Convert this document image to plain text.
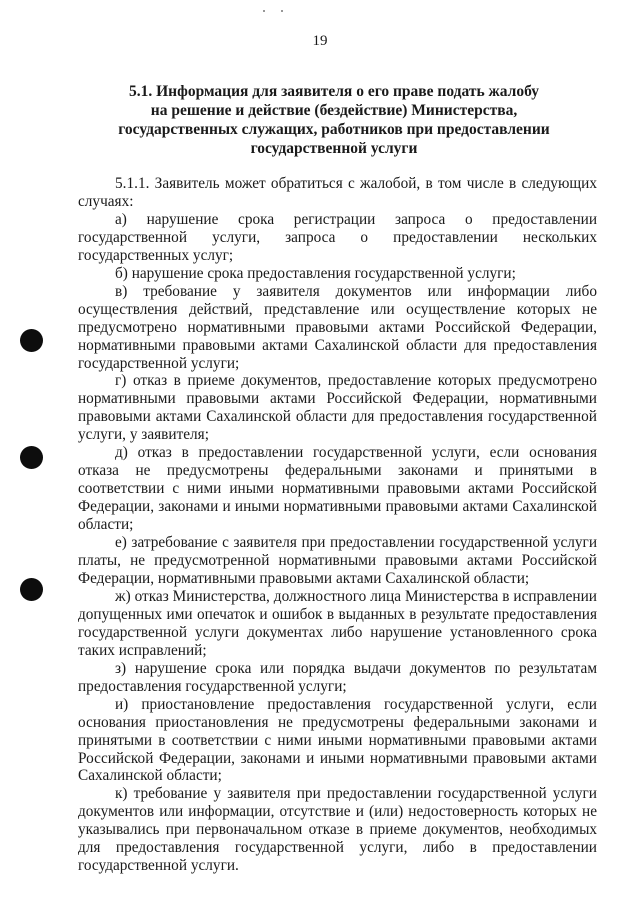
19
5.1. Информация для заявителя о его праве подать жалобу
на решение и действие (бездействие) Министерства,
государственных служащих, работников при предоставлении
государственной услуги

5.1.1. Заявитель может обратиться с жалобой, в том числе в следующих случаях:

а) нарушение срока регистрации запроса о предоставлении государственной услуги, запроса о предоставлении нескольких государственных услуг;

б) нарушение срока предоставления государственной услуги;

в) требование у заявителя документов или информации либо осуществления действий, представление или осуществление которых не предусмотрено нормативными правовыми актами Российской Федерации, нормативными правовыми актами Сахалинской области для предоставления государственной услуги;

г) отказ в приеме документов, предоставление которых предусмотрено нормативными правовыми актами Российской Федерации, нормативными правовыми актами Сахалинской области для предоставления государственной услуги, у заявителя;

д) отказ в предоставлении государственной услуги, если основания отказа не предусмотрены федеральными законами и принятыми в соответствии с ними иными нормативными правовыми актами Российской Федерации, законами и иными нормативными правовыми актами Сахалинской области;

е) затребование с заявителя при предоставлении государственной услуги платы, не предусмотренной нормативными правовыми актами Российской Федерации, нормативными правовыми актами Сахалинской области;

ж) отказ Министерства, должностного лица Министерства в исправлении допущенных ими опечаток и ошибок в выданных в результате предоставления государственной услуги документах либо нарушение установленного срока таких исправлений;

з) нарушение срока или порядка выдачи документов по результатам предоставления государственной услуги;

и) приостановление предоставления государственной услуги, если основания приостановления не предусмотрены федеральными законами и принятыми в соответствии с ними иными нормативными правовыми актами Российской Федерации, законами и иными нормативными правовыми актами Сахалинской области;

к) требование у заявителя при предоставлении государственной услуги документов или информации, отсутствие и (или) недостоверность которых не указывались при первоначальном отказе в приеме документов, необходимых для предоставления государственной услуги, либо в предоставлении государственной услуги.
